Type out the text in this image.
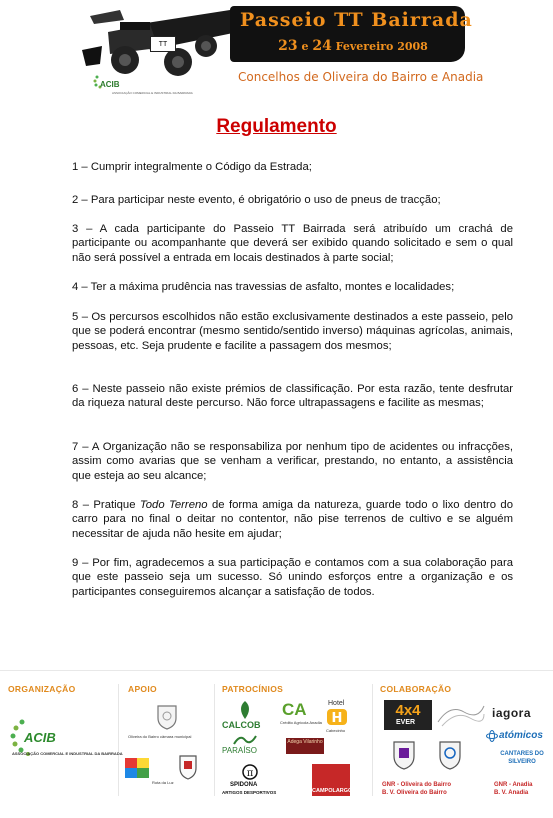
TT
Passeio TT Bairrada
23 e 24 Fevereiro 2008
ACIB
ASSOCIAÇÃO COMERCIAL E INDUSTRIAL DA BAIRRADA
Concelhos de Oliveira do Bairro e Anadia
Regulamento

1 – Cumprir integralmente o Código da Estrada;

2 – Para participar neste evento, é obrigatório o uso de pneus de tracção;

3 – A cada participante do Passeio TT Bairrada será atribuído um crachá de participante ou acompanhante que deverá ser exibido quando solicitado e sem o qual não será possível a entrada em locais destinados à parte social;

4 – Ter a máxima prudência nas travessias de asfalto, montes e localidades;

5 – Os percursos escolhidos não estão exclusivamente destinados a este passeio, pelo que se poderá encontrar (mesmo sentido/sentido inverso) máquinas agrícolas, animais, pessoas, etc. Seja prudente e facilite a passagem dos mesmos;

6 – Neste passeio não existe prémios de classificação. Por esta razão, tente desfrutar da riqueza natural deste percurso. Não force ultrapassagens e facilite as mesmas;

7 – A Organização não se responsabiliza por nenhum tipo de acidentes ou infracções, assim como avarias que se venham a verificar, prestando, no entanto, a assistência que esteja ao seu alcance;

8 – Pratique Todo Terreno de forma amiga da natureza, guarde todo o lixo dentro do carro para no final o deitar no contentor, não pise terrenos de cultivo e se alguém necessitar de ajuda não hesite em ajudar;

9 – Por fim, agradecemos a sua participação e contamos com a sua colaboração para que este passeio seja um sucesso. Só unindo esforços entre a organização e os participantes conseguiremos alcançar a satisfação de todos.

ORGANIZAÇÃO	APOIO	PATROCÍNIOS	COLABORAÇÃO
ACIB
ASSOCIAÇÃO COMERCIAL E INDUSTRIAL DA BAIRRADA
Oliveira do Bairro câmara municipal
Rota da Luz
CALCOB
CA
Crédito Agrícola Anadia
Hotel
H
Cabecinho
PARAÍSO
Adega Vilarinho
π
SPIDONA
ARTIGOS DESPORTIVOS	CAMPOLARGO
4x4
EVER
iagora
atómicos
CANTARES DO SILVEIRO
GNR - Oliveira do Bairro
B. V. Oliveira do Bairro
GNR - Anadia
B. V. Anadia
